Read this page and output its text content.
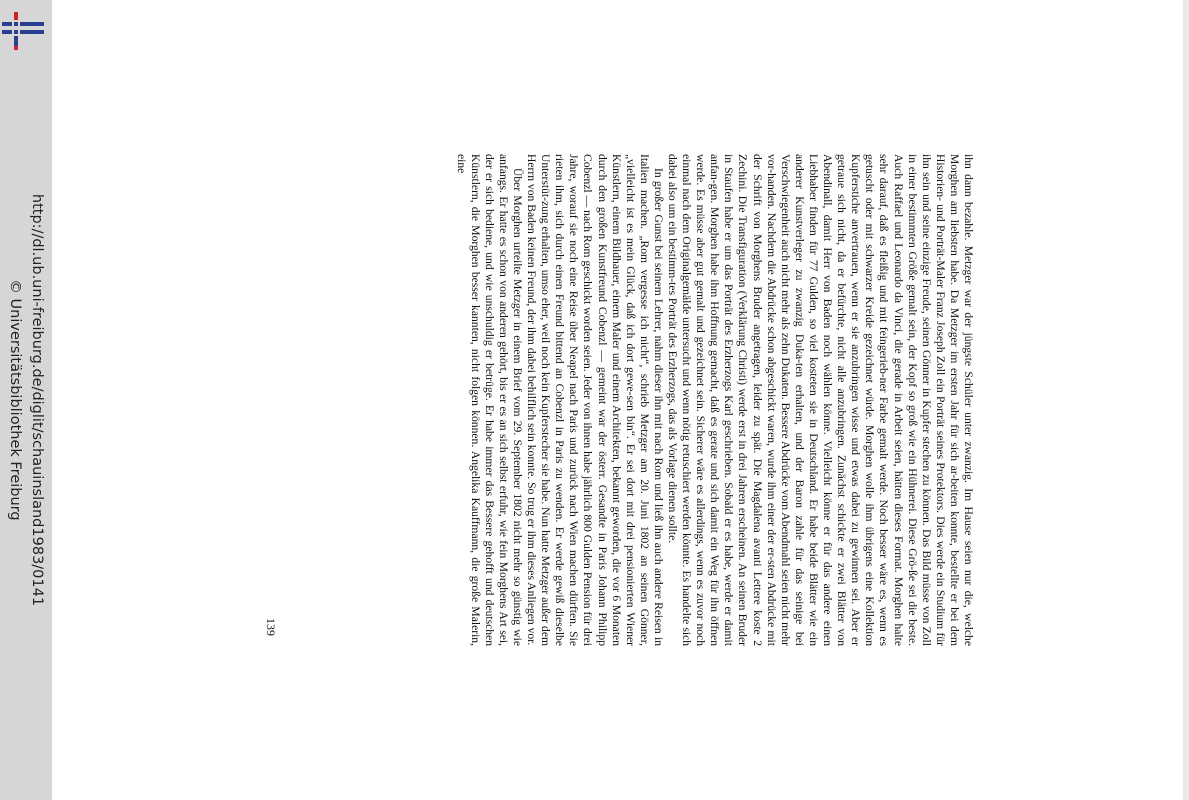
http://dl.ub.uni-freiburg.de/diglit/schauinsland1983/0141
© Universitätsbibliothek Freiburg	ihn dann bezahle. Metzger war der jüngste Schüler unter zwanzig. Im Hause seien nur die, welche Morghen am liebsten habe. Da Metzger im ersten Jahr für sich ar-beiten konnte, bestellte er bei dem Historien- und Porträt-Maler Franz Joseph Zoll ein Porträt seines Protektors. Dies werde ein Studium für ihn sein und seine einzige Freude, seinen Gönner in Kupfer stechen zu können. Das Bild müsse von Zoll in einer bestimmten Größe gemalt sein, der Kopf so groß wie ein Hühnerei. Diese Grö-ße sei die beste. Auch Raffael und Leonardo da Vinci, die gerade in Arbeit seien, hätten dieses Format. Morghen halte sehr darauf, daß es fleißig und mit feingerieb-ner Farbe gemalt werde. Noch besser wäre es, wenn es getuscht oder mit schwarzer Kreide gezeichnet würde. Morghen wolle ihm übrigens eine Kollektion Kupferstiche anvertrauen, wenn er sie anzubringen wisse und etwas dabei zu gewinnen sei. Aber er getraue sich nicht, da er befürchte, nicht alle anzubringen. Zunächst schickte er zwei Blätter von Abendinall, damit Herr von Baden noch wählen könne. Vielleicht könne er für das andere einen Liebhaber finden für 77 Gulden, so viel kosteten sie in Deutschland. Er habe beide Blätter wie ein anderer Kunstverleger zu zwanzig Duka-ten erhalten, und der Baron zahle für das seinige bei Verschwiegenheit auch nicht mehr als zehn Dukaten. Bessere Abdrücke vom Abendmahl seien nicht mehr vor-handen. Nachdem die Abdrücke schon abgeschickt waren, wurde ihm einer der er-sten Abdrücke mit der Schrift von Morghens Bruder angetragen, leider zu spät. Die Magdalena avanti Lettere koste 2 Zechini. Die Transfiguration (Verklärung Christi) werde erst in drei Jahren erscheinen. An seinen Bruder in Staufen habe er um das Porträt des Erzherzogs Karl geschrieben. Sobald er es habe, werde er damit anfan-gen. Morghen habe ihm Hoffnung gemacht, daß es gerate und sich damit ein Weg für ihn öffnen werde. Es müsse aber gut gemalt und gezeichnet sein. Sicherer wäre es allerdings, wenn es zuvor noch einmal nach dem Originalgemälde untersucht und wenn nötig retuschiert werden könnte. Es handelte sich dabei also um ein bestimm-tes Porträt des Erzherzogs, das als Vorlage dienen sollte.

In großer Gunst bei seinem Lehrer, nahm dieser ihn mit nach Rom und ließ ihn auch andere Reisen in Italien machen. „Rom vergesse ich nicht“, schrieb Metzger am 20. Juni 1802 an seinen Gönner, „vielleicht ist es mein Glück, daß ich dort gewe-sen bin“. Er sei dort mit drei pensionierten Wiener Künstlern, einem Bildhauer, einem Maler und einem Architekten, bekannt geworden, die vor 6 Monaten durch den großen Kunstfreund Cobenzl — gemeint war der österr. Gesandte in Paris Johann Philipp Cobenzl — nach Rom geschickt worden seien. Jeder von ihnen habe jährlich 800 Gulden Pension für drei Jahre, worauf sie noch eine Reise über Neapel nach Paris und zurück nach Wien machen dürften. Sie rieten ihm, sich durch einen Freund bittend an Cobenzl in Paris zu wenden. Er werde gewiß dieselbe Unterstüt-zung erhalten, umso eher, weil noch kein Kupferstecher sie habe. Nun hatte Metzger außer dem Herrn von Baden keinen Freund, der ihm dabei behilflich sein konnte. So trug er ihm dieses Anliegen vor.

Über Morghen urteilte Metzger in einem Brief vom 29. September 1802 nicht mehr so günstig wie anfangs. Er hatte es schon von anderen gehört, bis er es an sich selbst erfuhr, wie fein Morghens Art sei, der er sich bediene, und wie unschuldig er betrüge. Er habe immer das Bessere gehofft und deutschen Künstlern, die Morghen besser kannten, nicht folgen können. Angelika Kauffmann, die große Malerin, eine

139
